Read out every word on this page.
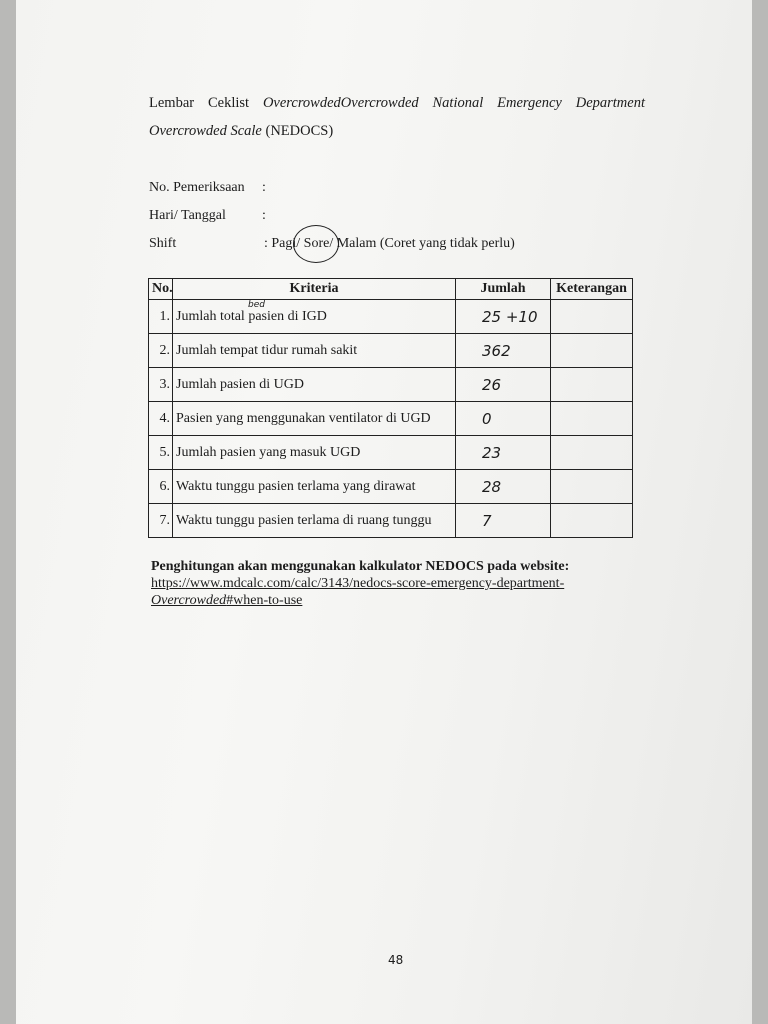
Lembar Ceklist OvercrowdedOvercrowded National Emergency Department
Overcrowded Scale (NEDOCS)
No. Pemeriksaan :
Hari/ Tanggal	:
Shift	: Pagi/ Sore/ Malam (Coret yang tidak perlu)
No.	Kriteria	Jumlah	Keterangan
1.	Jumlah total pasien di IGD	25 +10	
2.	Jumlah tempat tidur rumah sakit	362	
3.	Jumlah pasien di UGD	26	
4.	Pasien yang menggunakan ventilator di UGD	0	
5.	Jumlah pasien yang masuk UGD	23	
6.	Waktu tunggu pasien terlama yang dirawat	28	
7.	Waktu tunggu pasien terlama di ruang tunggu	7	
bed
Penghitungan akan menggunakan kalkulator NEDOCS pada website:
https://www.mdcalc.com/calc/3143/nedocs-score-emergency-department-
Overcrowded#when-to-use
48
